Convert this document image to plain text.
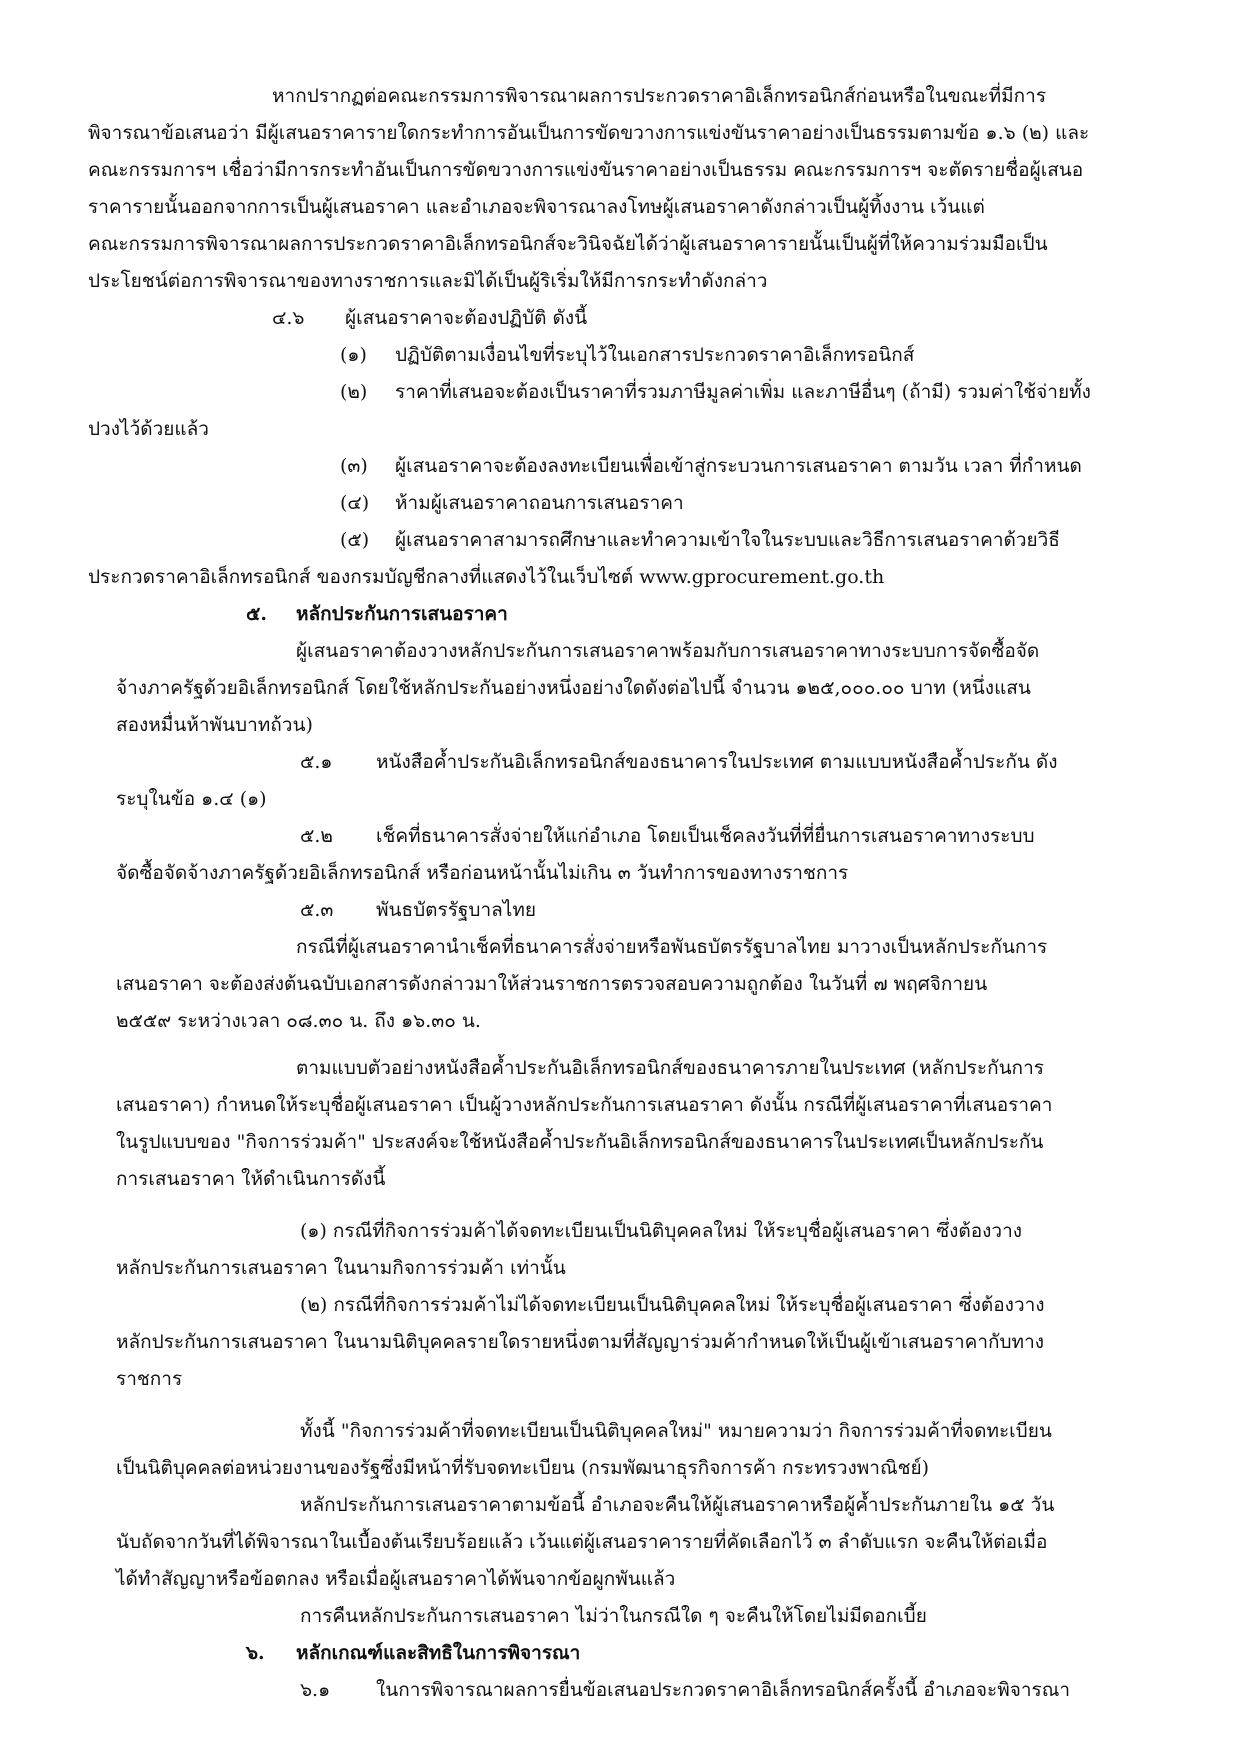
หากปรากฏต่อคณะกรรมการพิจารณาผลการประกวดราคาอิเล็กทรอนิกส์ก่อนหรือในขณะที่มีการ
พิจารณาข้อเสนอว่า มีผู้เสนอราคารายใดกระทำการอันเป็นการขัดขวางการแข่งขันราคาอย่างเป็นธรรมตามข้อ ๑.๖ (๒) และ
คณะกรรมการฯ เชื่อว่ามีการกระทำอันเป็นการขัดขวางการแข่งขันราคาอย่างเป็นธรรม คณะกรรมการฯ จะตัดรายชื่อผู้เสนอ
ราคารายนั้นออกจากการเป็นผู้เสนอราคา และอำเภอจะพิจารณาลงโทษผู้เสนอราคาดังกล่าวเป็นผู้ทิ้งงาน เว้นแต่
คณะกรรมการพิจารณาผลการประกวดราคาอิเล็กทรอนิกส์จะวินิจฉัยได้ว่าผู้เสนอราคารายนั้นเป็นผู้ที่ให้ความร่วมมือเป็น
ประโยชน์ต่อการพิจารณาของทางราชการและมิได้เป็นผู้ริเริ่มให้มีการกระทำดังกล่าว
๔.๖ ผู้เสนอราคาจะต้องปฏิบัติ ดังนี้
(๑) ปฏิบัติตามเงื่อนไขที่ระบุไว้ในเอกสารประกวดราคาอิเล็กทรอนิกส์
(๒) ราคาที่เสนอจะต้องเป็นราคาที่รวมภาษีมูลค่าเพิ่ม และภาษีอื่นๆ (ถ้ามี) รวมค่าใช้จ่ายทั้ง
ปวงไว้ด้วยแล้ว
(๓) ผู้เสนอราคาจะต้องลงทะเบียนเพื่อเข้าสู่กระบวนการเสนอราคา ตามวัน เวลา ที่กำหนด
(๔) ห้ามผู้เสนอราคาถอนการเสนอราคา
(๕) ผู้เสนอราคาสามารถศึกษาและทำความเข้าใจในระบบและวิธีการเสนอราคาด้วยวิธี
ประกวดราคาอิเล็กทรอนิกส์ ของกรมบัญชีกลางที่แสดงไว้ในเว็บไซต์ www.gprocurement.go.th
๕. หลักประกันการเสนอราคา
ผู้เสนอราคาต้องวางหลักประกันการเสนอราคาพร้อมกับการเสนอราคาทางระบบการจัดซื้อจัด
จ้างภาครัฐด้วยอิเล็กทรอนิกส์ โดยใช้หลักประกันอย่างหนึ่งอย่างใดดังต่อไปนี้ จำนวน ๑๒๕,๐๐๐.๐๐ บาท (หนึ่งแสน
สองหมื่นห้าพันบาทถ้วน)
๕.๑ หนังสือค้ำประกันอิเล็กทรอนิกส์ของธนาคารในประเทศ ตามแบบหนังสือค้ำประกัน ดัง
ระบุในข้อ ๑.๔ (๑)
๕.๒ เช็คที่ธนาคารสั่งจ่ายให้แก่อำเภอ โดยเป็นเช็คลงวันที่ที่ยื่นการเสนอราคาทางระบบ
จัดซื้อจัดจ้างภาครัฐด้วยอิเล็กทรอนิกส์ หรือก่อนหน้านั้นไม่เกิน ๓ วันทำการของทางราชการ
๕.๓ พันธบัตรรัฐบาลไทย
กรณีที่ผู้เสนอราคานำเช็คที่ธนาคารสั่งจ่ายหรือพันธบัตรรัฐบาลไทย มาวางเป็นหลักประกันการ
เสนอราคา จะต้องส่งต้นฉบับเอกสารดังกล่าวมาให้ส่วนราชการตรวจสอบความถูกต้อง ในวันที่ ๗ พฤศจิกายน
๒๕๕๙ ระหว่างเวลา ๐๘.๓๐ น. ถึง ๑๖.๓๐ น.
ตามแบบตัวอย่างหนังสือค้ำประกันอิเล็กทรอนิกส์ของธนาคารภายในประเทศ (หลักประกันการ
เสนอราคา) กำหนดให้ระบุชื่อผู้เสนอราคา เป็นผู้วางหลักประกันการเสนอราคา ดังนั้น กรณีที่ผู้เสนอราคาที่เสนอราคา
ในรูปแบบของ "กิจการร่วมค้า" ประสงค์จะใช้หนังสือค้ำประกันอิเล็กทรอนิกส์ของธนาคารในประเทศเป็นหลักประกัน
การเสนอราคา ให้ดำเนินการดังนี้
(๑) กรณีที่กิจการร่วมค้าได้จดทะเบียนเป็นนิติบุคคลใหม่ ให้ระบุชื่อผู้เสนอราคา ซึ่งต้องวาง
หลักประกันการเสนอราคา ในนามกิจการร่วมค้า เท่านั้น
(๒) กรณีที่กิจการร่วมค้าไม่ได้จดทะเบียนเป็นนิติบุคคลใหม่ ให้ระบุชื่อผู้เสนอราคา ซึ่งต้องวาง
หลักประกันการเสนอราคา ในนามนิติบุคคลรายใดรายหนึ่งตามที่สัญญาร่วมค้ากำหนดให้เป็นผู้เข้าเสนอราคากับทาง
ราชการ
ทั้งนี้ "กิจการร่วมค้าที่จดทะเบียนเป็นนิติบุคคลใหม่" หมายความว่า กิจการร่วมค้าที่จดทะเบียน
เป็นนิติบุคคลต่อหน่วยงานของรัฐซึ่งมีหน้าที่รับจดทะเบียน (กรมพัฒนาธุรกิจการค้า กระทรวงพาณิชย์)
หลักประกันการเสนอราคาตามข้อนี้ อำเภอจะคืนให้ผู้เสนอราคาหรือผู้ค้ำประกันภายใน ๑๕ วัน
นับถัดจากวันที่ได้พิจารณาในเบื้องต้นเรียบร้อยแล้ว เว้นแต่ผู้เสนอราคารายที่คัดเลือกไว้ ๓ ลำดับแรก จะคืนให้ต่อเมื่อ
ได้ทำสัญญาหรือข้อตกลง หรือเมื่อผู้เสนอราคาได้พ้นจากข้อผูกพันแล้ว
การคืนหลักประกันการเสนอราคา ไม่ว่าในกรณีใด ๆ จะคืนให้โดยไม่มีดอกเบี้ย
๖. หลักเกณฑ์และสิทธิในการพิจารณา
๖.๑ ในการพิจารณาผลการยื่นข้อเสนอประกวดราคาอิเล็กทรอนิกส์ครั้งนี้ อำเภอจะพิจารณา
